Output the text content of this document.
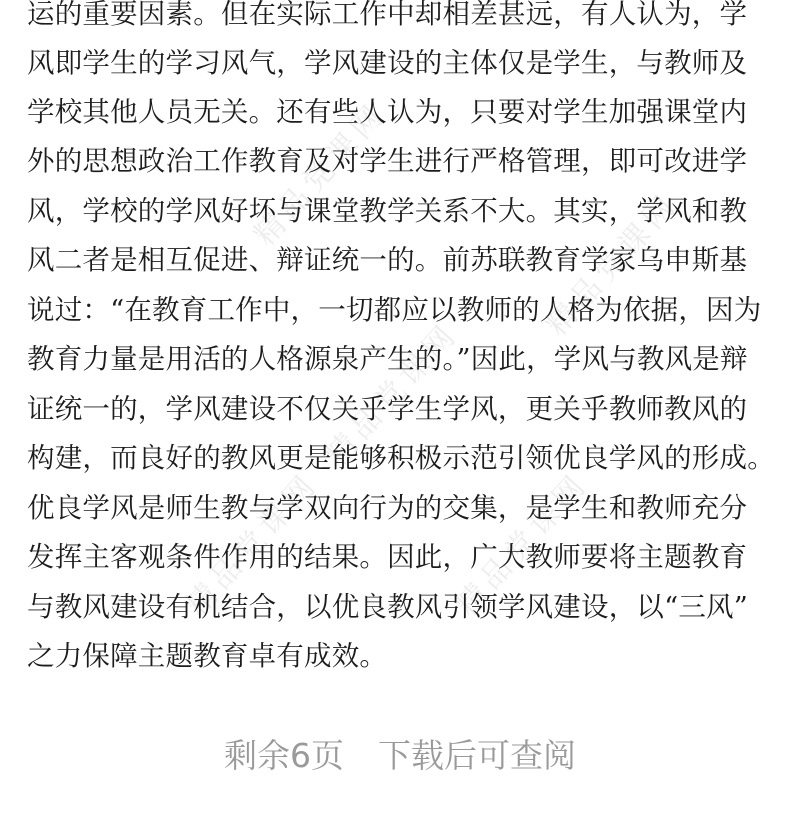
精品党课网
精品党课网
精品党课网
精品党课网	精品党课网
运的重要因素。但在实际工作中却相差甚远，有人认为，学
风即学生的学习风气，学风建设的主体仅是学生，与教师及
学校其他人员无关。还有些人认为，只要对学生加强课堂内
外的思想政治工作教育及对学生进行严格管理，即可改进学
风，学校的学风好坏与课堂教学关系不大。其实，学风和教
风二者是相互促进、辩证统一的。前苏联教育学家乌申斯基
说过：“在教育工作中，一切都应以教师的人格为依据，因为
教育力量是用活的人格源泉产生的。”因此，学风与教风是辩
证统一的，学风建设不仅关乎学生学风，更关乎教师教风的
构建，而良好的教风更是能够积极示范引领优良学风的形成。
优良学风是师生教与学双向行为的交集，是学生和教师充分
发挥主客观条件作用的结果。因此，广大教师要将主题教育
与教风建设有机结合，以优良教风引领学风建设，以“三风”
之力保障主题教育卓有成效。
剩余6页 下载后可查阅
